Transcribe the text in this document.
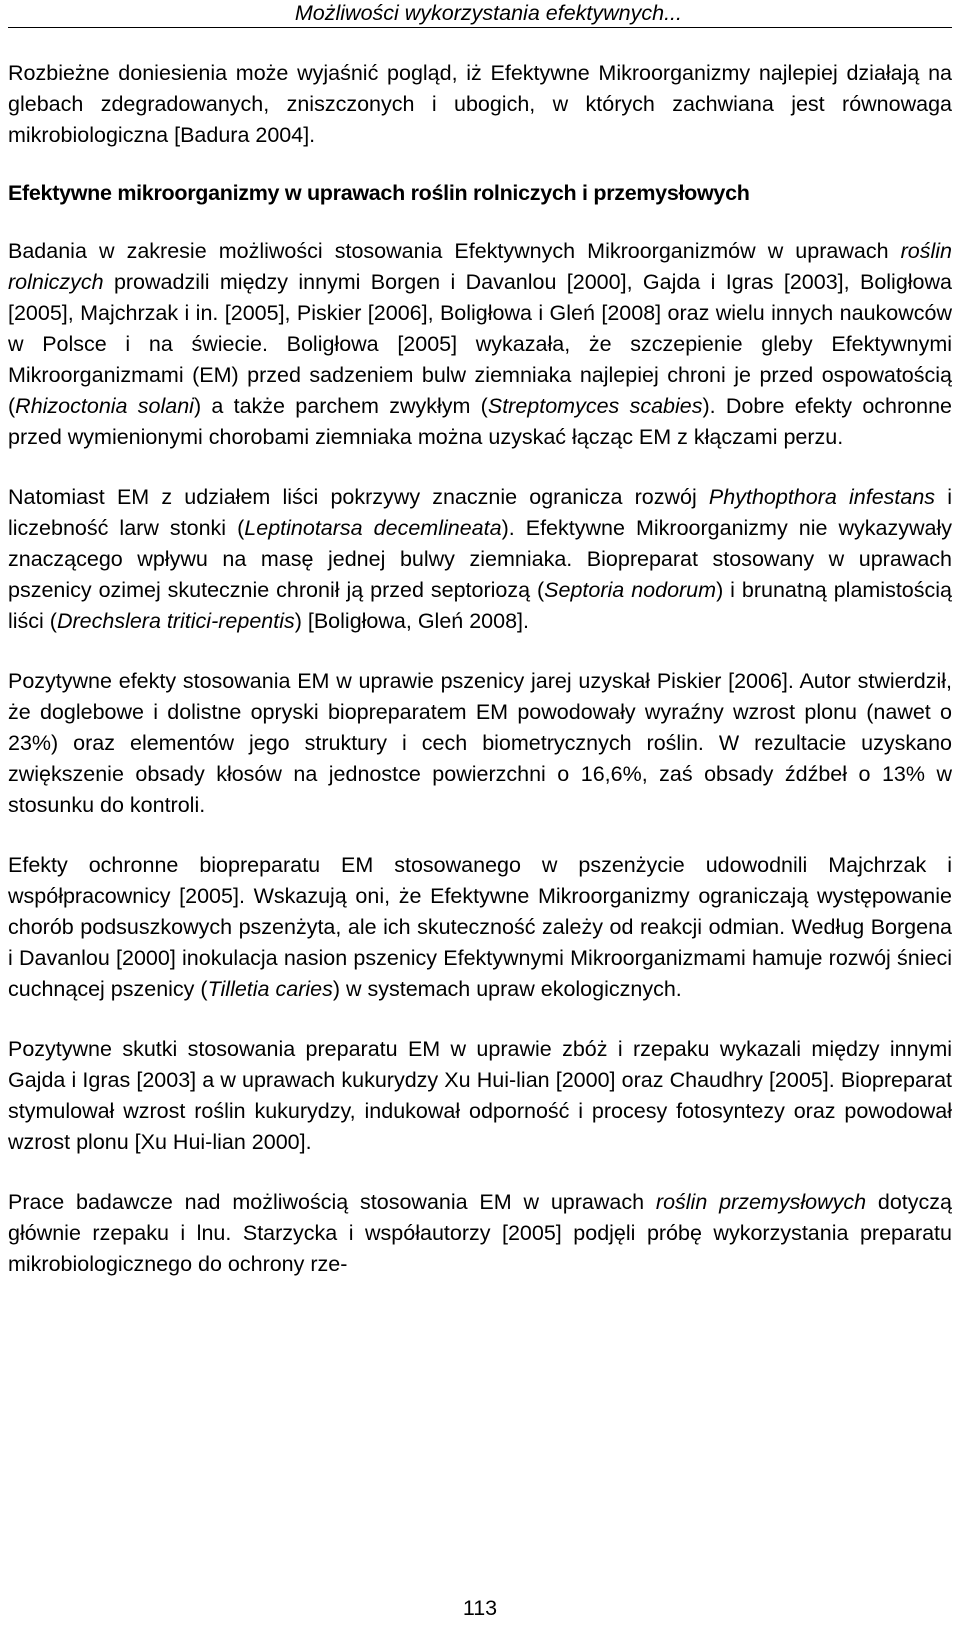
Możliwości wykorzystania efektywnych...

Rozbieżne doniesienia może wyjaśnić pogląd, iż Efektywne Mikroorganizmy najlepiej działają na glebach zdegradowanych, zniszczonych i ubogich, w których zachwiana jest równowaga mikrobiologiczna [Badura 2004].

Efektywne mikroorganizmy w uprawach roślin rolniczych i przemysłowych

Badania w zakresie możliwości stosowania Efektywnych Mikroorganizmów w uprawach roślin rolniczych prowadzili między innymi Borgen i Davanlou [2000], Gajda i Igras [2003], Boligłowa [2005], Majchrzak i in. [2005], Piskier [2006], Boligłowa i Gleń [2008] oraz wielu innych naukowców w Polsce i na świecie. Boligłowa [2005] wykazała, że szczepienie gleby Efektywnymi Mikroorganizmami (EM) przed sadzeniem bulw ziemniaka najlepiej chroni je przed ospowatością (Rhizoctonia solani) a także parchem zwykłym (Streptomyces scabies). Dobre efekty ochronne przed wymienionymi chorobami ziemniaka można uzyskać łącząc EM z kłączami perzu.

Natomiast EM z udziałem liści pokrzywy znacznie ogranicza rozwój Phythopthora infestans i liczebność larw stonki (Leptinotarsa decemlineata). Efektywne Mikroorganizmy nie wykazywały znaczącego wpływu na masę jednej bulwy ziemniaka. Biopreparat stosowany w uprawach pszenicy ozimej skutecznie chronił ją przed septoriozą (Septoria nodorum) i brunatną plamistością liści (Drechslera tritici-repentis) [Boligłowa, Gleń 2008].

Pozytywne efekty stosowania EM w uprawie pszenicy jarej uzyskał Piskier [2006]. Autor stwierdził, że doglebowe i dolistne opryski biopreparatem EM powodowały wyraźny wzrost plonu (nawet o 23%) oraz elementów jego struktury i cech biometrycznych roślin. W rezultacie uzyskano zwiększenie obsady kłosów na jednostce powierzchni o 16,6%, zaś obsady źdźbeł o 13% w stosunku do kontroli.

Efekty ochronne biopreparatu EM stosowanego w pszenżycie udowodnili Majchrzak i współpracownicy [2005]. Wskazują oni, że Efektywne Mikroorganizmy ograniczają występowanie chorób podsuszkowych pszenżyta, ale ich skuteczność zależy od reakcji odmian. Według Borgena i Davanlou [2000] inokulacja nasion pszenicy Efektywnymi Mikroorganizmami hamuje rozwój śnieci cuchnącej pszenicy (Tilletia caries) w systemach upraw ekologicznych.

Pozytywne skutki stosowania preparatu EM w uprawie zbóż i rzepaku wykazali między innymi Gajda i Igras [2003] a w uprawach kukurydzy Xu Hui-lian [2000] oraz Chaudhry [2005]. Biopreparat stymulował wzrost roślin kukurydzy, indukował odporność i procesy fotosyntezy oraz powodował wzrost plonu [Xu Hui-lian 2000].

Prace badawcze nad możliwością stosowania EM w uprawach roślin przemysłowych dotyczą głównie rzepaku i lnu. Starzycka i współautorzy [2005] podjęli próbę wykorzystania preparatu mikrobiologicznego do ochrony rze-

113
